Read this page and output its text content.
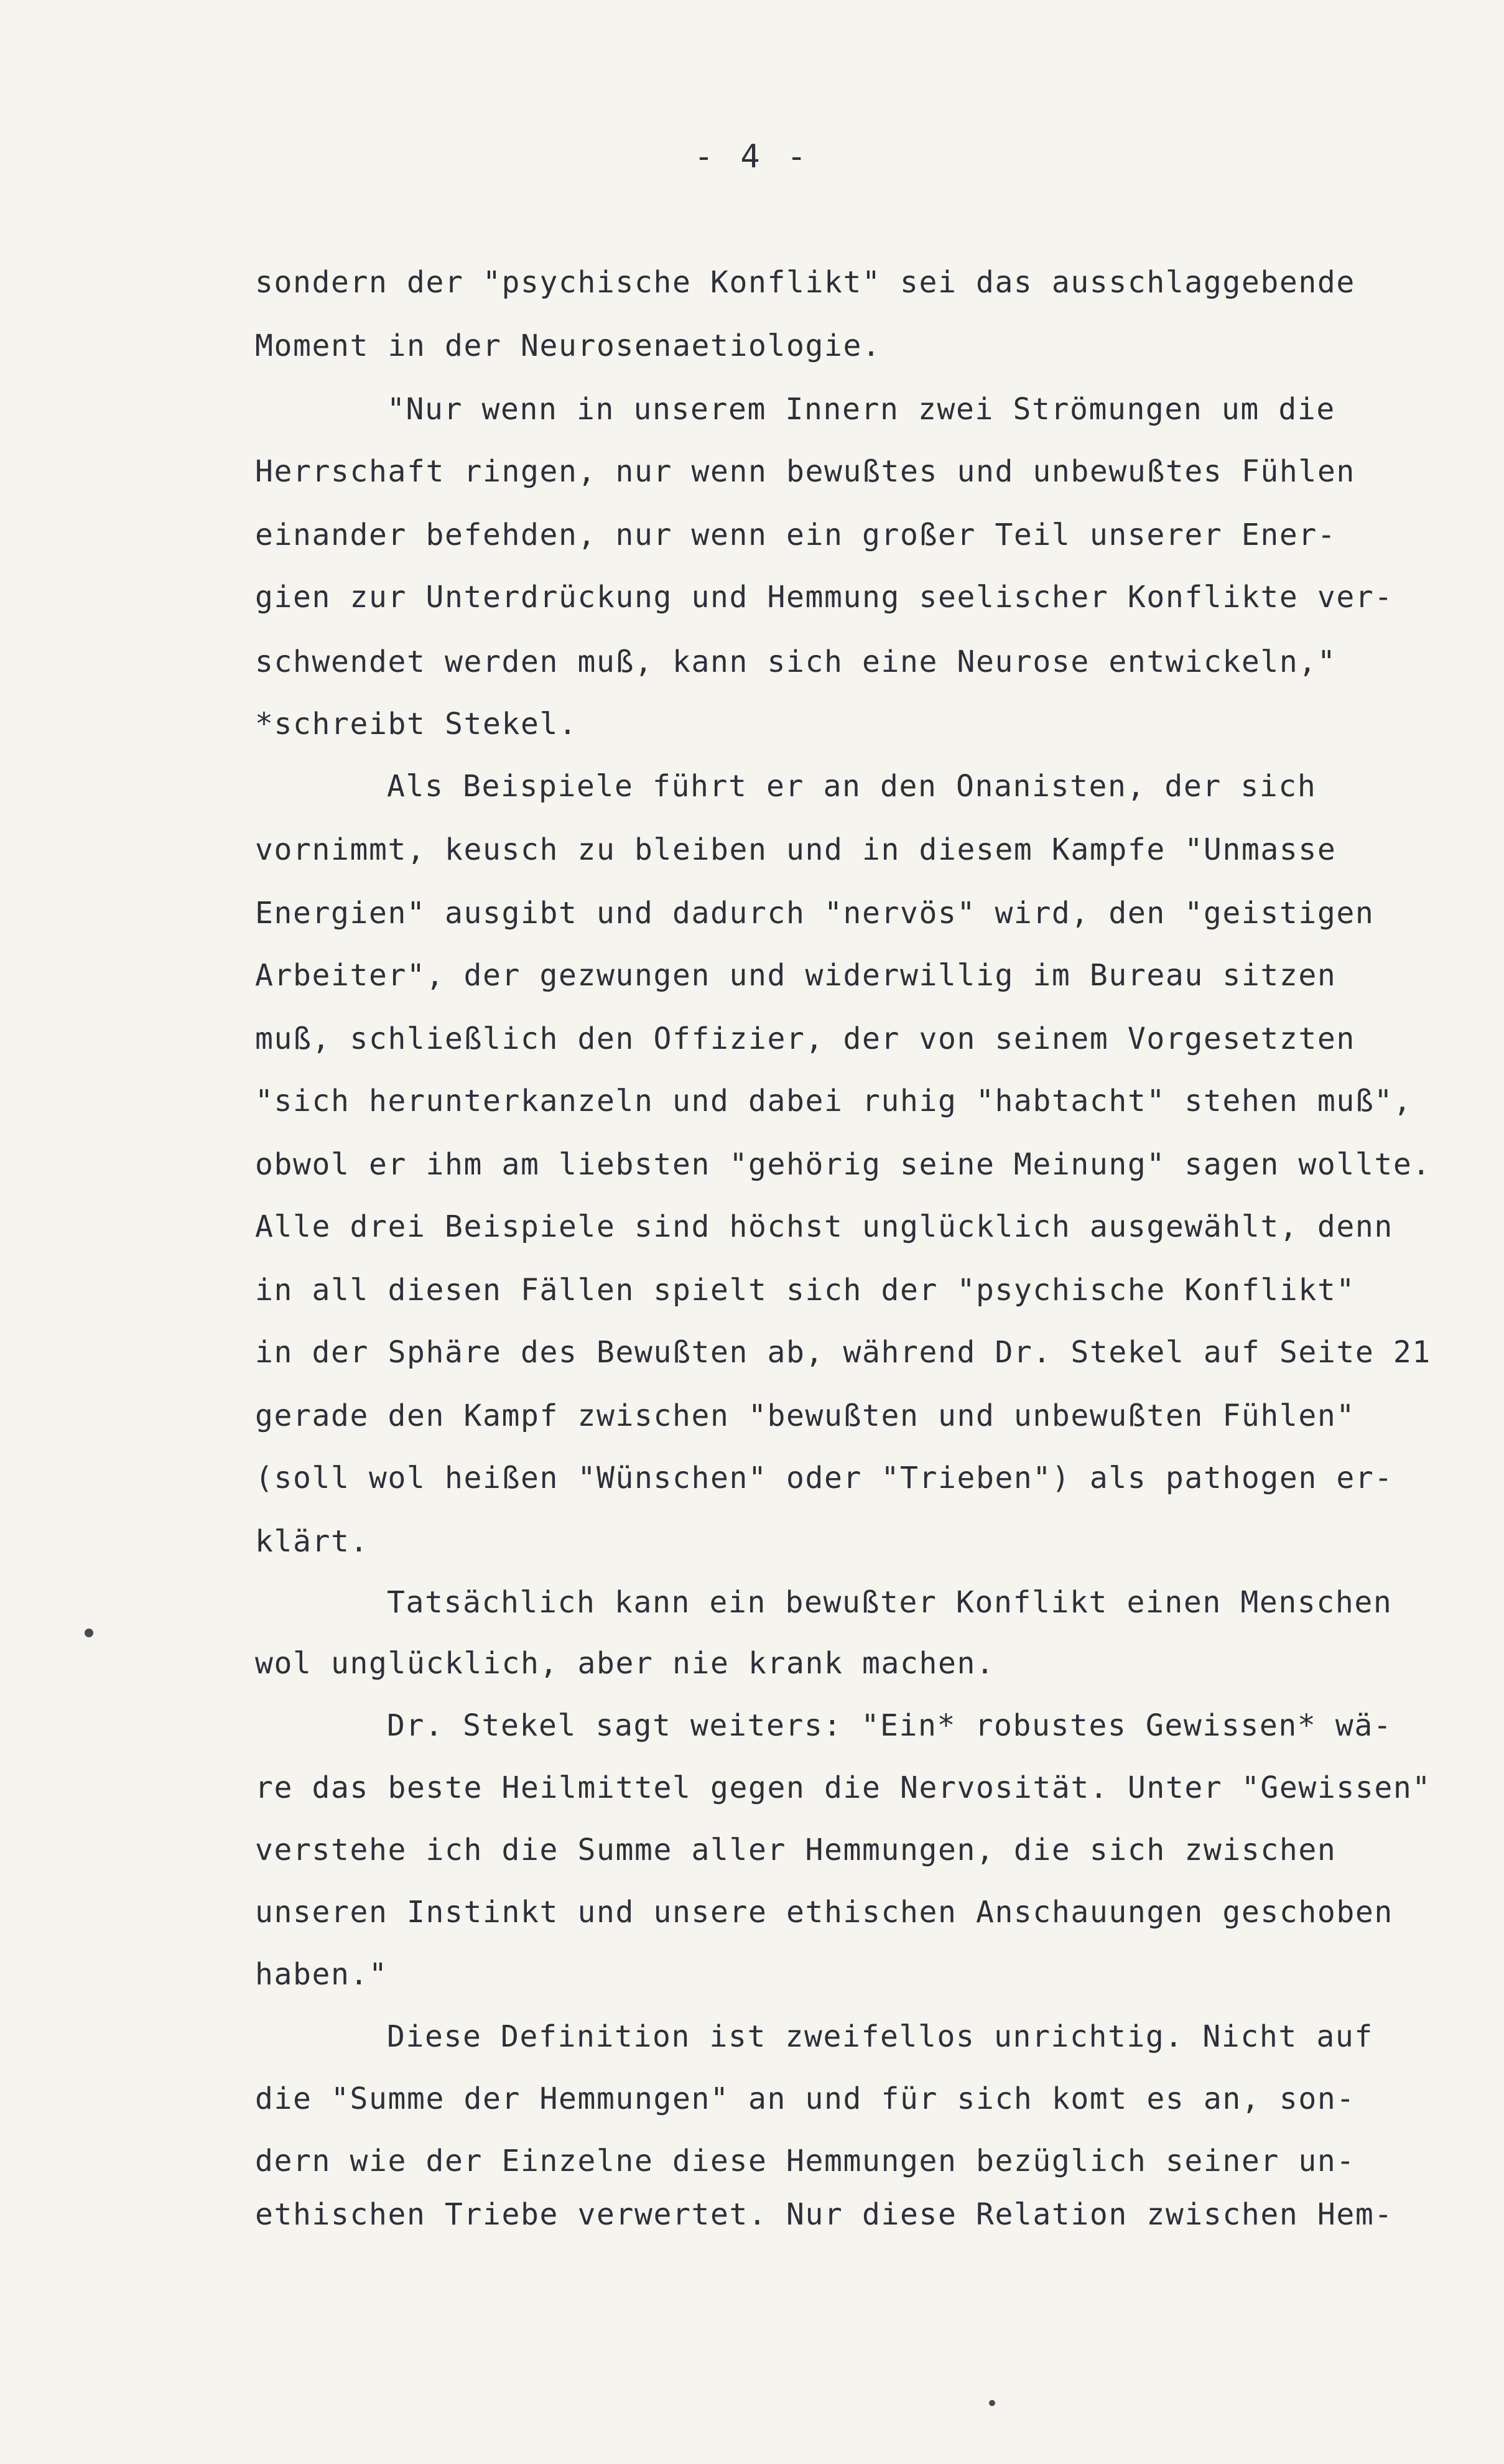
- 4 -
sondern der "psychische Konflikt" sei das ausschlaggebende
Moment in der Neurosenaetiologie.
"Nur wenn in unserem Innern zwei Strömungen um die
Herrschaft ringen, nur wenn bewußtes und unbewußtes Fühlen
einander befehden, nur wenn ein großer Teil unserer Ener-
gien zur Unterdrückung und Hemmung seelischer Konflikte ver-
schwendet werden muß, kann sich eine Neurose entwickeln,"
*schreibt Stekel.
Als Beispiele führt er an den Onanisten, der sich
vornimmt, keusch zu bleiben und in diesem Kampfe "Unmasse
Energien" ausgibt und dadurch "nervös" wird, den "geistigen
Arbeiter", der gezwungen und widerwillig im Bureau sitzen
muß, schließlich den Offizier, der von seinem Vorgesetzten
"sich herunterkanzeln und dabei ruhig "habtacht" stehen muß",
obwol er ihm am liebsten "gehörig seine Meinung" sagen wollte.
Alle drei Beispiele sind höchst unglücklich ausgewählt, denn
in all diesen Fällen spielt sich der "psychische Konflikt"
in der Sphäre des Bewußten ab, während Dr. Stekel auf Seite 21
gerade den Kampf zwischen "bewußten und unbewußten Fühlen"
(soll wol heißen "Wünschen" oder "Trieben") als pathogen er-
klärt.
Tatsächlich kann ein bewußter Konflikt einen Menschen
wol unglücklich, aber nie krank machen.
Dr. Stekel sagt weiters: "Ein* robustes Gewissen* wä-
re das beste Heilmittel gegen die Nervosität. Unter "Gewissen"
verstehe ich die Summe aller Hemmungen, die sich zwischen
unseren Instinkt und unsere ethischen Anschauungen geschoben
haben."
Diese Definition ist zweifellos unrichtig. Nicht auf
die "Summe der Hemmungen" an und für sich komt es an, son-
dern wie der Einzelne diese Hemmungen bezüglich seiner un-
ethischen Triebe verwertet. Nur diese Relation zwischen Hem-
